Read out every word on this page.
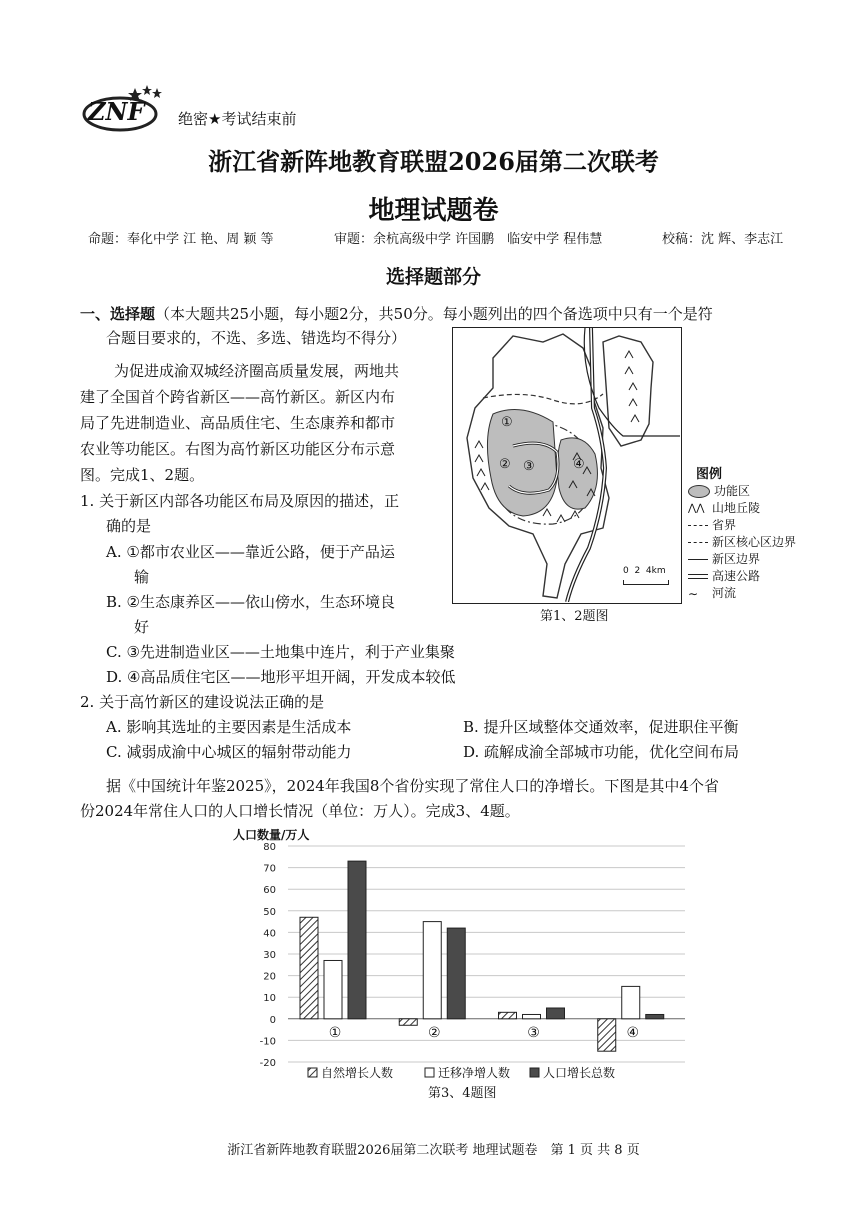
ZNF 绝密★考试结束前
浙江省新阵地教育联盟2026届第二次联考
地理试题卷
命题：奉化中学 江 艳、周 颖 等	审题：余杭高级中学 许国鹏　临安中学 程伟慧	校稿：沈 辉、李志江
选择题部分
一、选择题（本大题共25小题，每小题2分，共50分。每小题列出的四个备选项中只有一个是符
合题目要求的，不选、多选、错选均不得分）
为促进成渝双城经济圈高质量发展，两地共
建了全国首个跨省新区——高竹新区。新区内布
局了先进制造业、高品质住宅、生态康养和都市
农业等功能区。右图为高竹新区功能区分布示意
图。完成1、2题。
1. 关于新区内部各功能区布局及原因的描述，正
确的是
A. ①都市农业区——靠近公路，便于产品运
输
B. ②生态康养区——依山傍水，生态环境良
好
C. ③先进制造业区——土地集中连片，利于产业集聚
D. ④高品质住宅区——地形平坦开阔，开发成本较低
2. 关于高竹新区的建设说法正确的是
A. 影响其选址的主要因素是生活成本	B. 提升区域整体交通效率，促进职住平衡
C. 减弱成渝中心城区的辐射带动能力	D. 疏解成渝全部城市功能，优化空间布局
①
② ③	④
0  2  4km
图例
功能区
⋀⋀ 山地丘陵
省界
新区核心区边界
新区边界
高速公路
∼ 河流
第1、2题图
据《中国统计年鉴2025》，2024年我国8个省份实现了常住人口的净增长。下图是其中4个省
份2024年常住人口的人口增长情况（单位：万人）。完成3、4题。
人口数量/万人
80
70
60
50
40
30
20
10
0
-10
-20
①	②	③	④
自然增长人数	迁移净增人数	人口增长总数
第3、4题图
浙江省新阵地教育联盟2026届第二次联考 地理试题卷　第 1 页 共 8 页
